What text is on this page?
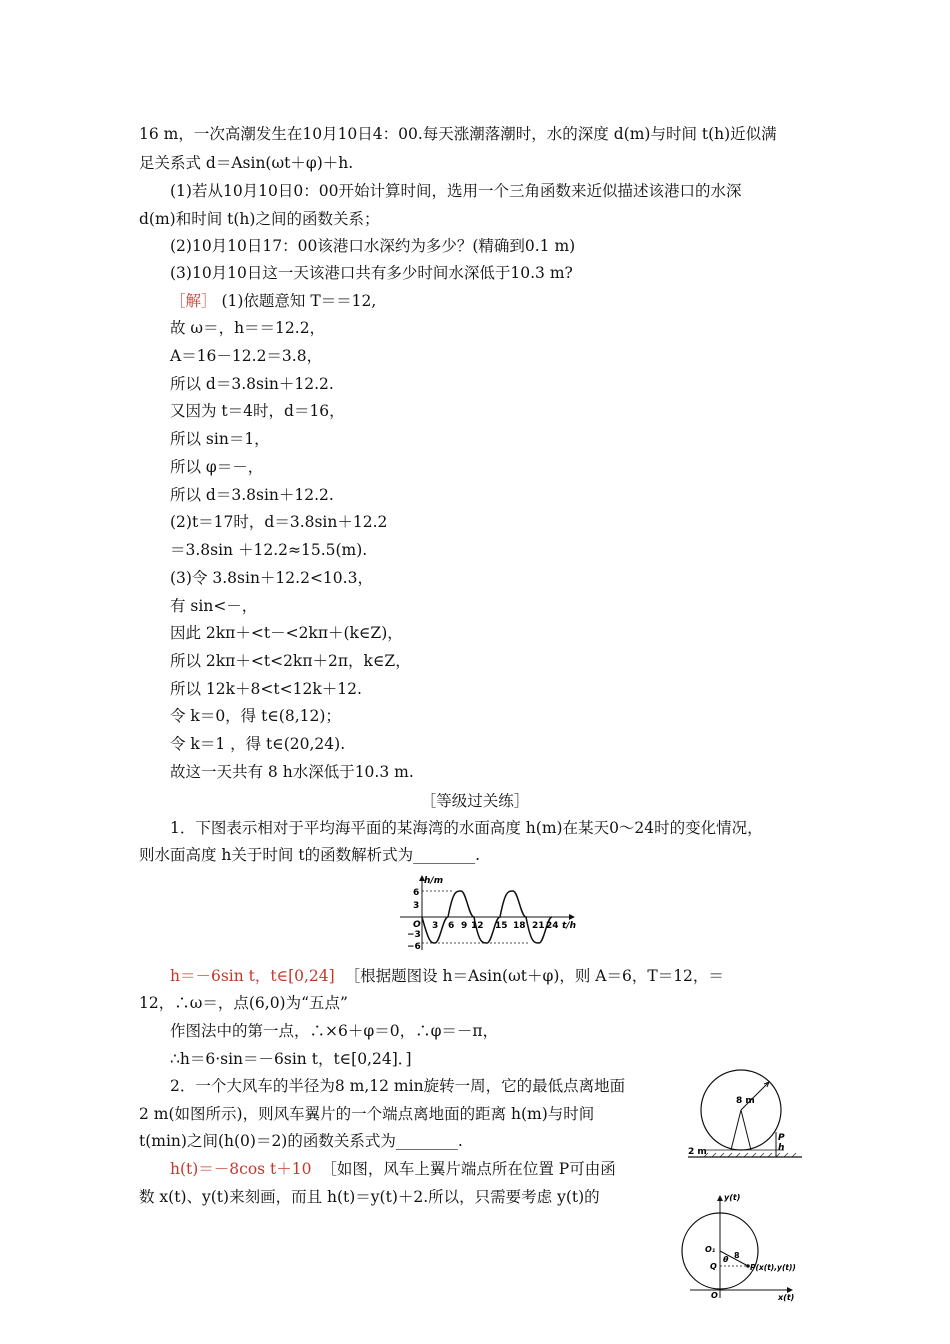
16 m，一次高潮发生在10月10日4：00.每天涨潮落潮时，水的深度 d(m)与时间 t(h)近似满
足关系式 d＝Asin(ωt＋φ)＋h.
(1)若从10月10日0：00开始计算时间，选用一个三角函数来近似描述该港口的水深
d(m)和时间 t(h)之间的函数关系；
(2)10月10日17：00该港口水深约为多少？(精确到0.1 m)
(3)10月10日这一天该港口共有多少时间水深低于10.3 m?
［解］ (1)依题意知 T＝＝12,
故 ω＝，h＝＝12.2，
A＝16－12.2＝3.8，
所以 d＝3.8sin＋12.2.
又因为 t＝4时，d＝16，
所以 sin＝1，
所以 φ＝－，
所以 d＝3.8sin＋12.2.
(2)t＝17时，d＝3.8sin＋12.2
＝3.8sin ＋12.2≈15.5(m).
(3)令 3.8sin＋12.2<10.3，
有 sin<－，
因此 2kπ＋<t－<2kπ＋(k∈Z)，
所以 2kπ＋<t<2kπ＋2π，k∈Z，
所以 12k＋8<t<12k＋12.
令 k＝0，得 t∈(8,12)；
令 k＝1 ，得 t∈(20,24).
故这一天共有 8 h水深低于10.3 m.
［等级过关练］
1．下图表示相对于平均海平面的某海湾的水面高度 h(m)在某天0～24时的变化情况，
则水面高度 h关于时间 t的函数解析式为________.
h/m
t/h
O
6
3
−3
−6
3 6 9 12 15 18 21 24
h＝－6sin t，t∈[0,24] ［根据题图设 h＝Asin(ωt＋φ)，则 A＝6，T＝12，＝
12，∴ω＝，点(6,0)为“五点”
作图法中的第一点，∴×6＋φ＝0，∴φ＝－π，
∴h＝6·sin＝－6sin t，t∈[0,24]．]
2．一个大风车的半径为8 m,12 min旋转一周，它的最低点离地面
2 m(如图所示)，则风车翼片的一个端点离地面的距离 h(m)与时间
t(min)之间(h(0)＝2)的函数关系式为________.
h(t)＝－8cos t＋10 ［如图，风车上翼片端点所在位置 P可由函
数 x(t)、y(t)来刻画，而且 h(t)＝y(t)＋2.所以，只需要考虑 y(t)的
8 m
2 m
P
h
y(t)
x(t)
O
O₁
Q
θ 8
P(x(t),y(t))
